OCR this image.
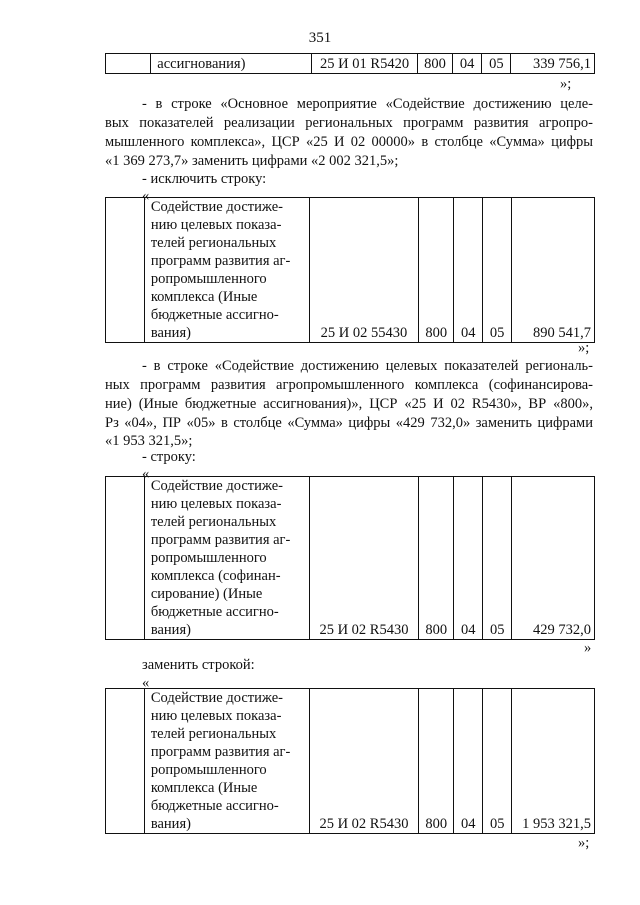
351
	ассигнования)	25 И 01 R5420	800	04	05	339 756,1

»;

- в строке «Основное мероприятие «Содействие достижению целе-

вых показателей реализации региональных программ развития агропро-

мышленного комплекса», ЦСР «25 И 02 00000» в столбце «Сумма» цифры

«1 369 273,7» заменить цифрами «2 002 321,5»;

- исключить строку:

«

Содействие достиже-
нию целевых показа-
телей региональных
программ развития аг-
ропромышленного
комплекса (Иные
бюджетные ассигно-
вания)	25 И 02 55430	800	04	05	890 541,7

»;

- в строке «Содействие достижению целевых показателей региональ-

ных программ развития агропромышленного комплекса (софинансирова-

ние) (Иные бюджетные ассигнования)», ЦСР «25 И 02 R5430», ВР «800»,

Рз «04», ПР «05» в столбце «Сумма» цифры «429 732,0» заменить цифрами

«1 953 321,5»;

- строку:

«

Содействие достиже-
нию целевых показа-
телей региональных
программ развития аг-
ропромышленного
комплекса (софинан-
сирование) (Иные
бюджетные ассигно-
вания)	25 И 02 R5430	800	04	05	429 732,0

»

заменить строкой:

«

Содействие достиже-
нию целевых показа-
телей региональных
программ развития аг-
ропромышленного
комплекса (Иные
бюджетные ассигно-
вания)	25 И 02 R5430	800	04	05	1 953 321,5

»;
